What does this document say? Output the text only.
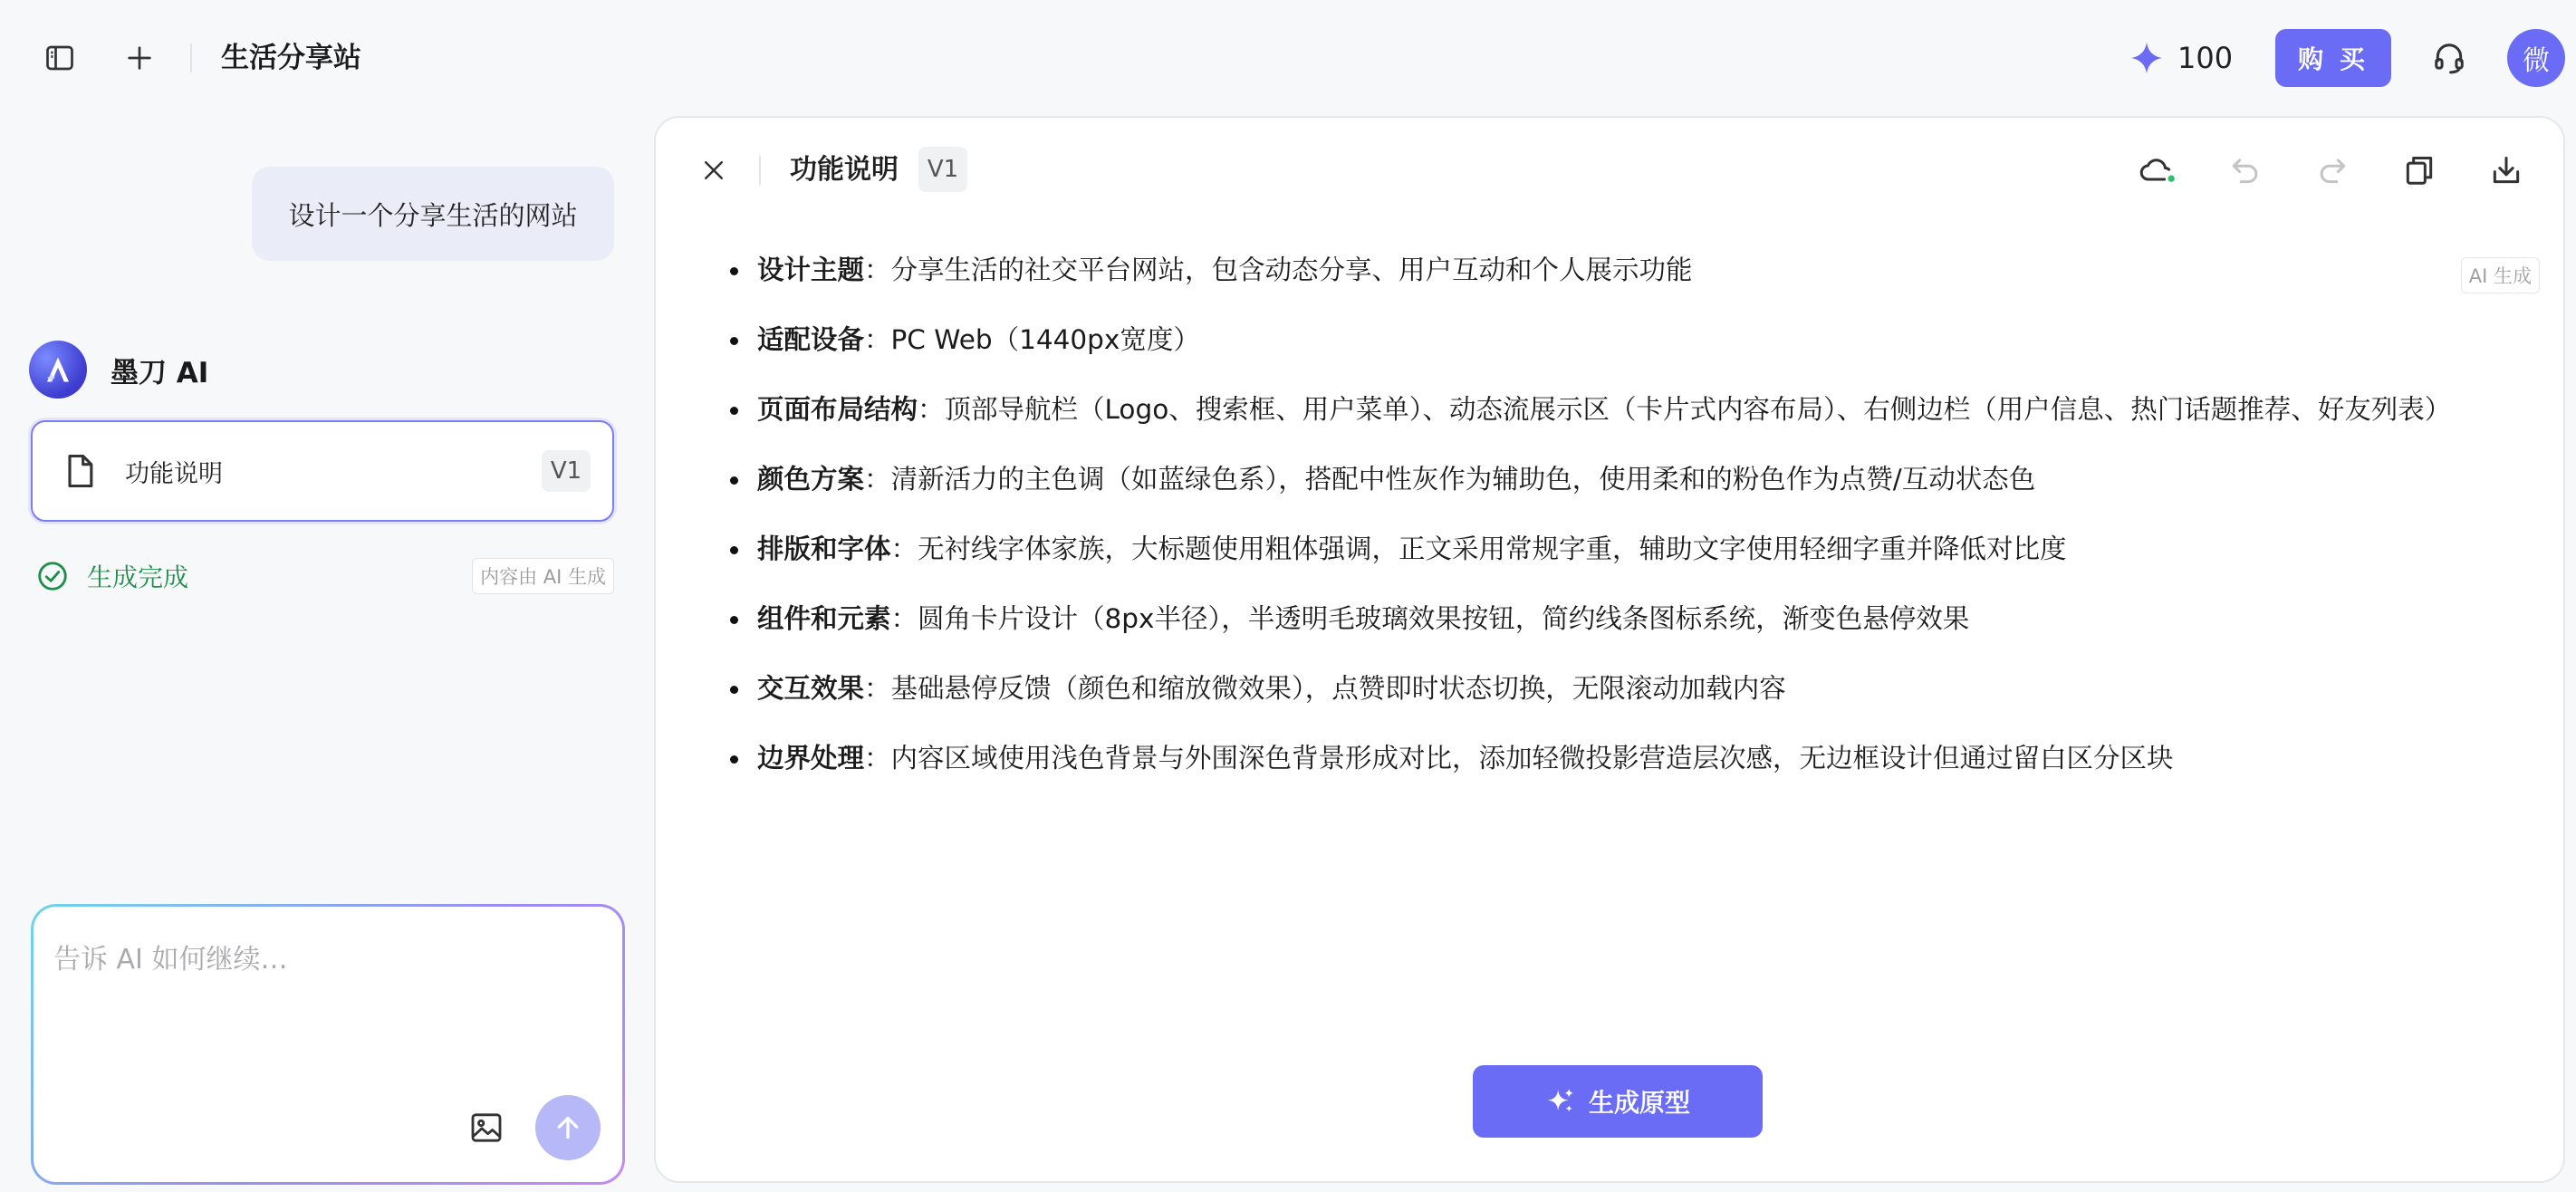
生活分享站	100	购 买	微
设计一个分享生活的网站
墨刀 AI
功能说明	V1
生成完成	内容由 AI 生成
告诉 AI 如何继续…
功能说明	V1
AI 生成
设计主题：分享生活的社交平台网站，包含动态分享、用户互动和个人展示功能
适配设备：PC Web（1440px宽度）
页面布局结构：顶部导航栏（Logo、搜索框、用户菜单）、动态流展示区（卡片式内容布局）、右侧边栏（用户信息、热门话题推荐、好友列表）
颜色方案：清新活力的主色调（如蓝绿色系），搭配中性灰作为辅助色，使用柔和的粉色作为点赞/互动状态色
排版和字体：无衬线字体家族，大标题使用粗体强调，正文采用常规字重，辅助文字使用轻细字重并降低对比度
组件和元素：圆角卡片设计（8px半径），半透明毛玻璃效果按钮，简约线条图标系统，渐变色悬停效果
交互效果：基础悬停反馈（颜色和缩放微效果），点赞即时状态切换，无限滚动加载内容
边界处理：内容区域使用浅色背景与外围深色背景形成对比，添加轻微投影营造层次感，无边框设计但通过留白区分区块
生成原型
